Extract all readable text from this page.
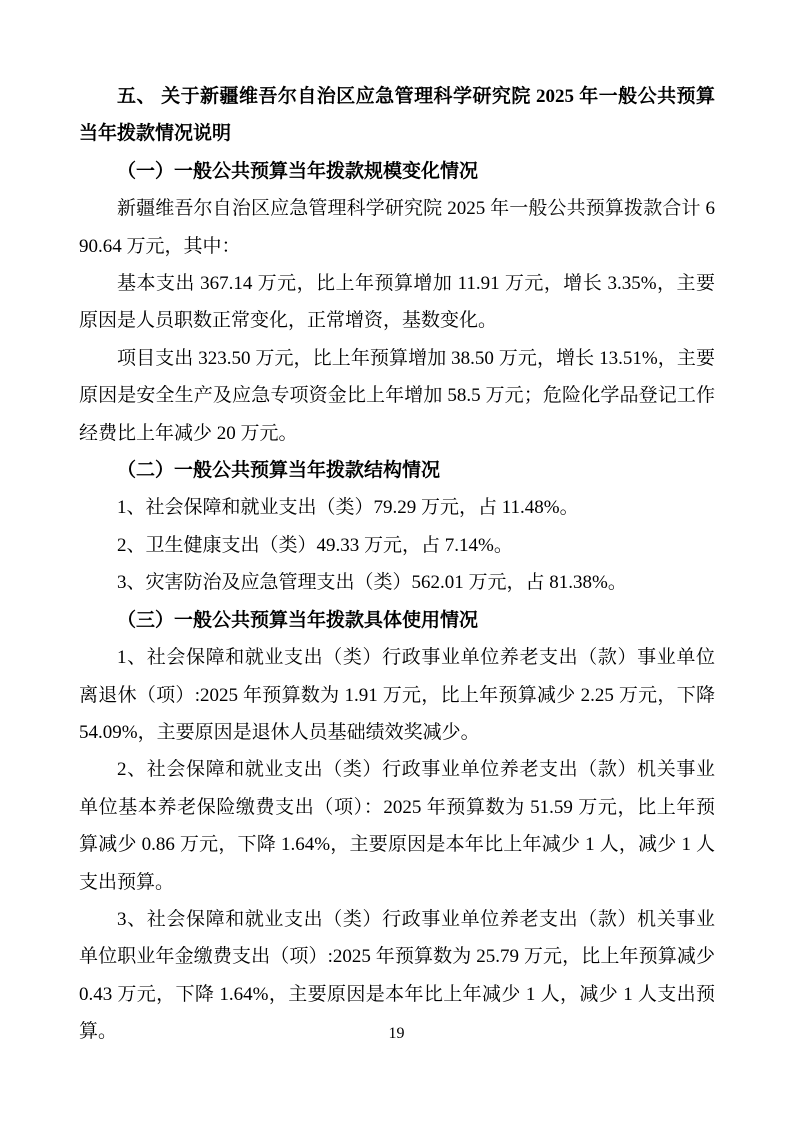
五、 关于新疆维吾尔自治区应急管理科学研究院 2025 年一般公共预算当年拨款情况说明

（一）一般公共预算当年拨款规模变化情况

新疆维吾尔自治区应急管理科学研究院 2025 年一般公共预算拨款合计 690.64 万元，其中：

基本支出 367.14 万元，比上年预算增加 11.91 万元，增长 3.35%，主要原因是人员职数正常变化，正常增资，基数变化。

项目支出 323.50 万元，比上年预算增加 38.50 万元，增长 13.51%，主要原因是安全生产及应急专项资金比上年增加 58.5 万元；危险化学品登记工作经费比上年减少 20 万元。

（二）一般公共预算当年拨款结构情况

1、社会保障和就业支出（类）79.29 万元，占 11.48%。

2、卫生健康支出（类）49.33 万元，占 7.14%。

3、灾害防治及应急管理支出（类）562.01 万元，占 81.38%。

（三）一般公共预算当年拨款具体使用情况

1、社会保障和就业支出（类）行政事业单位养老支出（款）事业单位离退休（项）:2025 年预算数为 1.91 万元，比上年预算减少 2.25 万元，下降 54.09%，主要原因是退休人员基础绩效奖减少。

2、社会保障和就业支出（类）行政事业单位养老支出（款）机关事业单位基本养老保险缴费支出（项）：2025 年预算数为 51.59 万元，比上年预算减少 0.86 万元，下降 1.64%，主要原因是本年比上年减少 1 人，减少 1 人支出预算。

3、社会保障和就业支出（类）行政事业单位养老支出（款）机关事业单位职业年金缴费支出（项）:2025 年预算数为 25.79 万元，比上年预算减少 0.43 万元，下降 1.64%，主要原因是本年比上年减少 1 人，减少 1 人支出预算。	19
